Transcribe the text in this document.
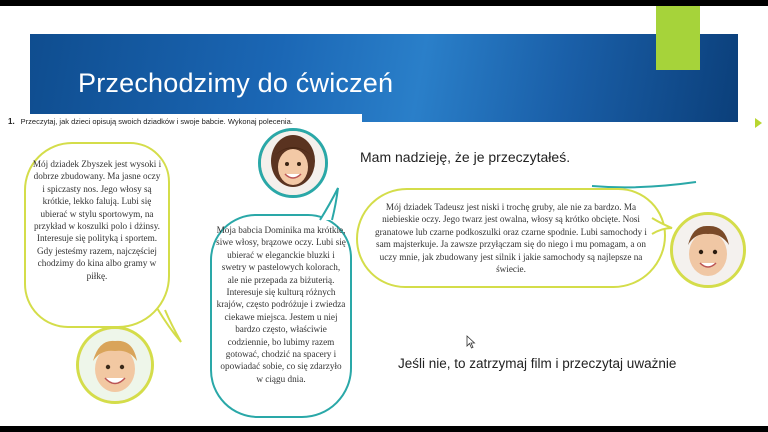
Przechodzimy do ćwiczeń
1. Przeczytaj, jak dzieci opisują swoich dziadków i swoje babcie. Wykonaj polecenia.
Mój dziadek Zbyszek jest wysoki i dobrze zbudowany. Ma jasne oczy i spiczasty nos. Jego włosy są krótkie, lekko falują. Lubi się ubierać w stylu sportowym, na przykład w koszulki polo i dżinsy. Interesuje się polityką i sportem. Gdy jesteśmy razem, najczęściej chodzimy do kina albo gramy w piłkę.
Moja babcia Dominika ma krótkie, siwe włosy, brązowe oczy. Lubi się ubierać w eleganckie bluzki i swetry w pastelowych kolorach, ale nie przepada za biżuterią. Interesuje się kulturą różnych krajów, często podróżuje i zwiedza ciekawe miejsca. Jestem u niej bardzo często, właściwie codziennie, bo lubimy razem gotować, chodzić na spacery i opowiadać sobie, co się zdarzyło w ciągu dnia.
Mam nadzieję, że je przeczytałeś.
Mój dziadek Tadeusz jest niski i trochę gruby, ale nie za bardzo. Ma niebieskie oczy. Jego twarz jest owalna, włosy są krótko obcięte. Nosi granatowe lub czarne podkoszulki oraz czarne spodnie. Lubi samochody i sam majsterkuje. Ja zawsze przyłączam się do niego i mu pomagam, a on uczy mnie, jak zbudowany jest silnik i jakie samochody są najlepsze na świecie.
Jeśli nie, to zatrzymaj film i przeczytaj uważnie
